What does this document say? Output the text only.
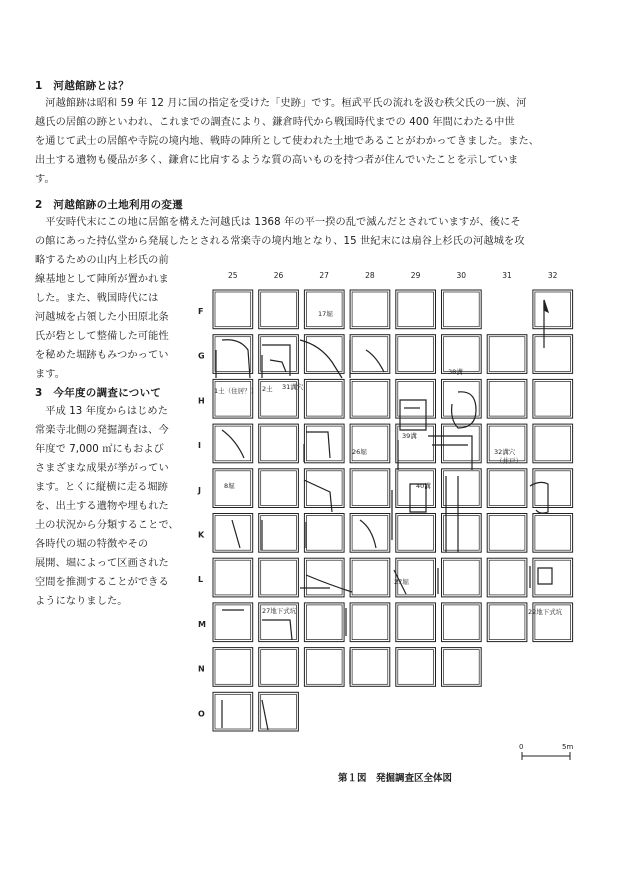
1　河越館跡とは？
　河越館跡は昭和 59 年 12 月に国の指定を受けた「史跡」です。桓武平氏の流れを汲む秩父氏の一族、河
越氏の居館の跡といわれ、これまでの調査により、鎌倉時代から戦国時代までの 400 年間にわたる中世
を通じて武士の居館や寺院の境内地、戦時の陣所として使われた土地であることがわかってきました。また、
出土する遺物も優品が多く、鎌倉に比肩するような質の高いものを持つ者が住んでいたことを示していま
す。
2　河越館跡の土地利用の変遷
　平安時代末にこの地に居館を構えた河越氏は 1368 年の平一揆の乱で滅んだとされていますが、後にそ
の館にあった持仏堂から発展したとされる常楽寺の境内地となり、15 世紀末には扇谷上杉氏の河越城を攻
略するための山内上杉氏の前
線基地として陣所が置かれま
した。また、戦国時代には
河越城を占領した小田原北条
氏が砦として整備した可能性
を秘めた堀跡もみつかってい
ます。
3　今年度の調査について
　平成 13 年度からはじめた
常楽寺北側の発掘調査は、今
年度で 7,000 ㎡にもおよび
さまざまな成果が挙がってい
ます。とくに縦横に走る堀跡
を、出土する遺物や埋もれた
土の状況から分類することで、
各時代の堀の特徴やその
展開、堀によって区画された
空間を推測することができる
ようになりました。
25	26	27	28	29	30	31	32
F
G
H
I
J
K
L
M
N
O
17堀
1土（住居？） 2土 31溝穴
38溝
39溝
26堀	32溝穴
（井戸）
8堀	40溝
27堀
27地下式坑	22地下式坑
0	5m
第１図　発掘調査区全体図
